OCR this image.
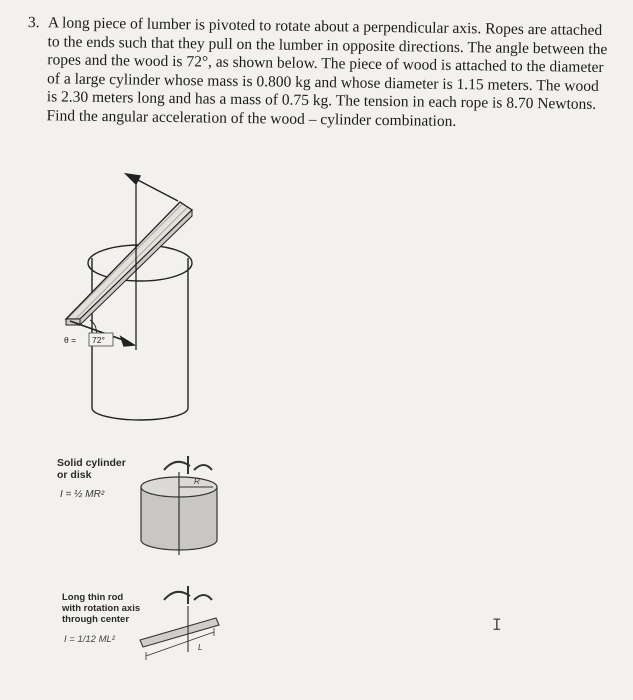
3. A long piece of lumber is pivoted to rotate about a perpendicular axis. Ropes are attached to the ends such that they pull on the lumber in opposite directions. The angle between the ropes and the wood is 72°, as shown below. The piece of wood is attached to the diameter of a large cylinder whose mass is 0.800 kg and whose diameter is 1.15 meters. The wood is 2.30 meters long and has a mass of 0.75 kg. The tension in each rope is 8.70 Newtons. Find the angular acceleration of the wood – cylinder combination.
θ = 72°
Solid cylinder
or disk
I = ½ MR²
R
Long thin rod
with rotation axis
through center
I = 1/12 ML²
L
I
